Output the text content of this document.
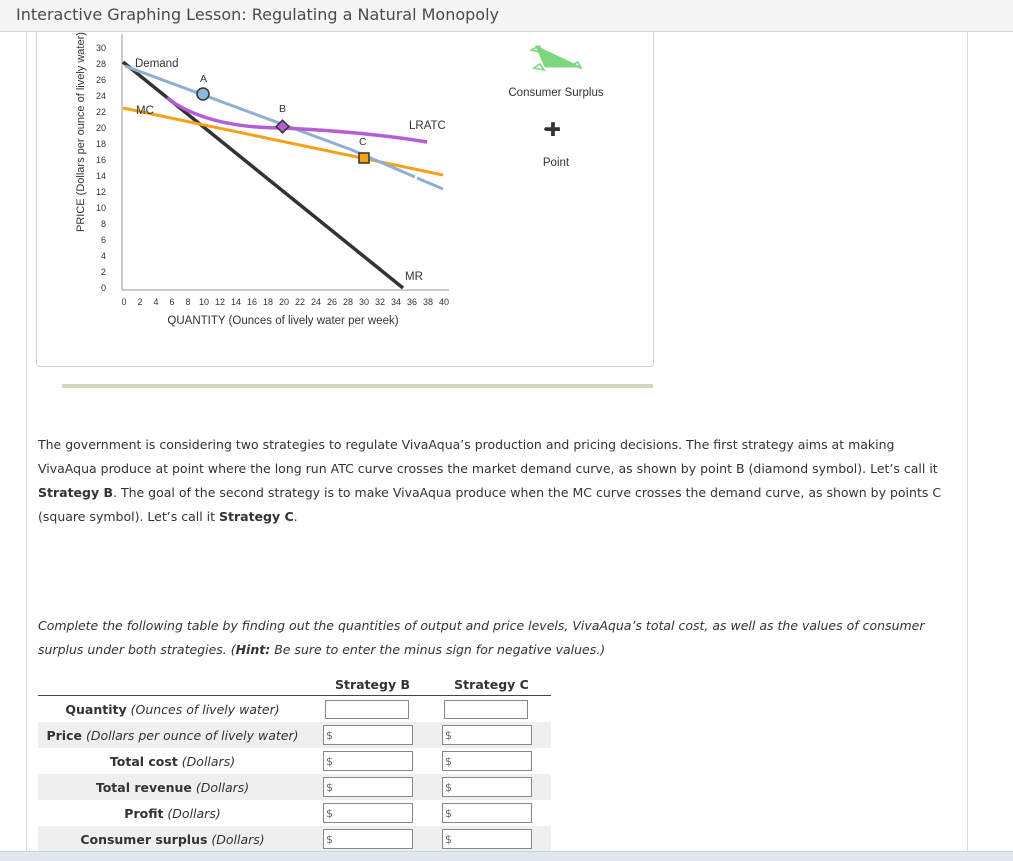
Interactive Graphing Lesson: Regulating a Natural Monopoly
PRICE (Dollars per ounce of lively water)
0
2
4
6
8
10
12
14
16
18
20
22
24
26
28
30
0 2 4 6 8 10 12 14 16 18 20 22 24 26 28 30 32 34 36 38 40
Demand
MC
LRATC
MR
A
B
C
QUANTITY (Ounces of lively water per week)
Consumer Surplus
✚
Point
The government is considering two strategies to regulate VivaAqua’s production and pricing decisions. The first strategy aims at making VivaAqua produce at point where the long run ATC curve crosses the market demand curve, as shown by point B (diamond symbol). Let’s call it Strategy B. The goal of the second strategy is to make VivaAqua produce when the MC curve crosses the demand curve, as shown by points C (square symbol). Let’s call it Strategy C.
Complete the following table by finding out the quantities of output and price levels, VivaAqua’s total cost, as well as the values of consumer surplus under both strategies. (Hint: Be sure to enter the minus sign for negative values.)
	Strategy B	Strategy C
Quantity (Ounces of lively water)	

Price (Dollars per ounce of lively water)	$	$

Total cost (Dollars)	$	$

Total revenue (Dollars)	$	$

Profit (Dollars)	$	$

Consumer surplus (Dollars)	$	$
